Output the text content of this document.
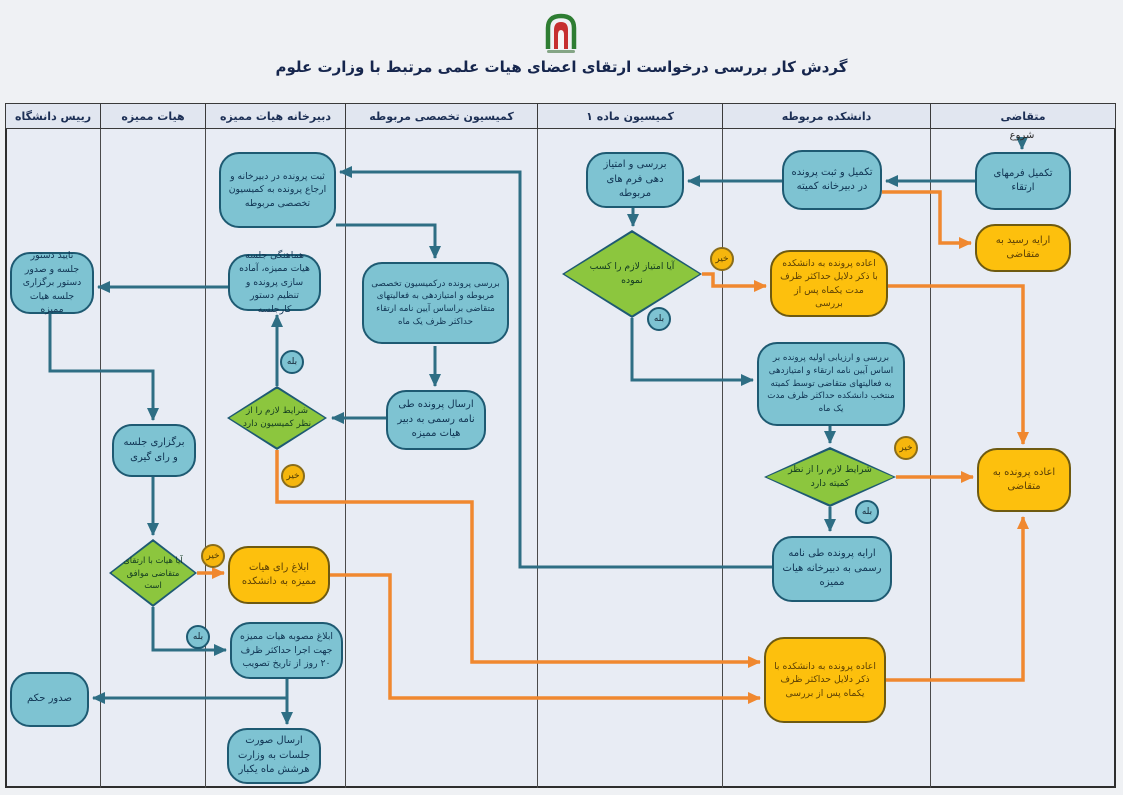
گردش کار بررسی درخواست ارتقای اعضای هیات علمی مرتبط با وزارت علوم
رییس دانشگاه	هیات ممیزه	دبیرخانه هیات ممیزه	کمیسیون تخصصی مربوطه	کمیسیون ماده ۱	دانشکده مربوطه	متقاضی
شروع
تکمیل فرمهای ارتقاء
ارایه رسید به متقاضی
اعاده پرونده به متقاضی
تکمیل و ثبت پرونده در دبیرخانه کمیته
اعاده پرونده به دانشکده با ذکر دلایل حداکثر ظرف مدت یکماه پس از بررسی
بررسی و ارزیابی اولیه پرونده بر اساس آیین نامه ارتقاء و امتیازدهی به فعالیتهای متقاضی توسط کمیته منتخب دانشکده حداکثر ظرف مدت یک ماه
شرایط لازم را از نظر کمیته دارد
ارایه پرونده طی نامه رسمی به دبیرخانه هیات ممیزه
اعاده پرونده به دانشکده با ذکر دلایل حداکثر ظرف یکماه پس از بررسی
بررسی و امتیاز دهی فرم های مربوطه
آیا امتیاز لازم را کسب نموده
بررسی پرونده درکمیسیون تخصصی مربوطه و امتیازدهی به فعالیتهای متقاضی براساس آیین نامه ارتقاء حداکثر ظرف یک ماه
ارسال پرونده طی نامه رسمی به دبیر هیات ممیزه
ثبت پرونده در دبیرخانه و ارجاع پرونده به کمیسیون تخصصی مربوطه
هماهنگی جلسه هیات ممیزه، آماده سازی پرونده و تنظیم دستور کارجلسه
شرایط لازم را از نظر کمیسیون دارد
ابلاغ رای هیات ممیزه به دانشکده
ابلاغ مصوبه هیات ممیزه جهت اجرا حداکثر ظرف ۲۰ روز از تاریخ تصویب
ارسال صورت جلسات به وزارت هرشش ماه یکبار
برگزاری جلسه و رای گیری
آیا هیات با ارتقای متقاضی موافق است
تایید دستور جلسه و صدور دستور برگزاری جلسه هیات ممیزه
صدور حکم
بله
خیر
بله
خیر
بله
خیر
بله
خیر
